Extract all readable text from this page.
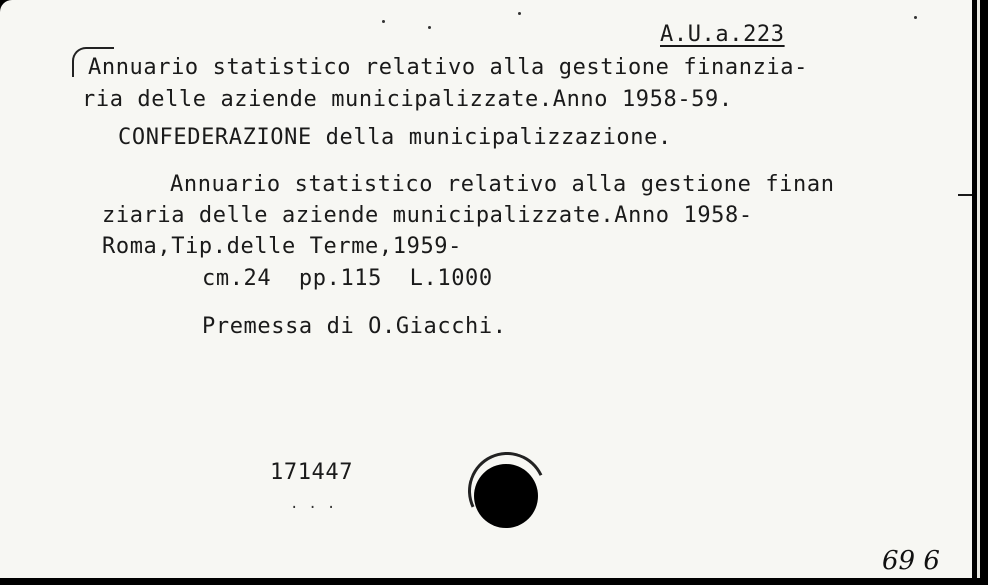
A.U.a.223
Annuario statistico relativo alla gestione finanzia-
ria delle aziende municipalizzate.Anno 1958-59.
CONFEDERAZIONE della municipalizzazione.
Annuario statistico relativo alla gestione finan
ziaria delle aziende municipalizzate.Anno 1958-
Roma,Tip.delle Terme,1959-
cm.24  pp.115  L.1000
Premessa di O.Giacchi.
171447
···
69 6
